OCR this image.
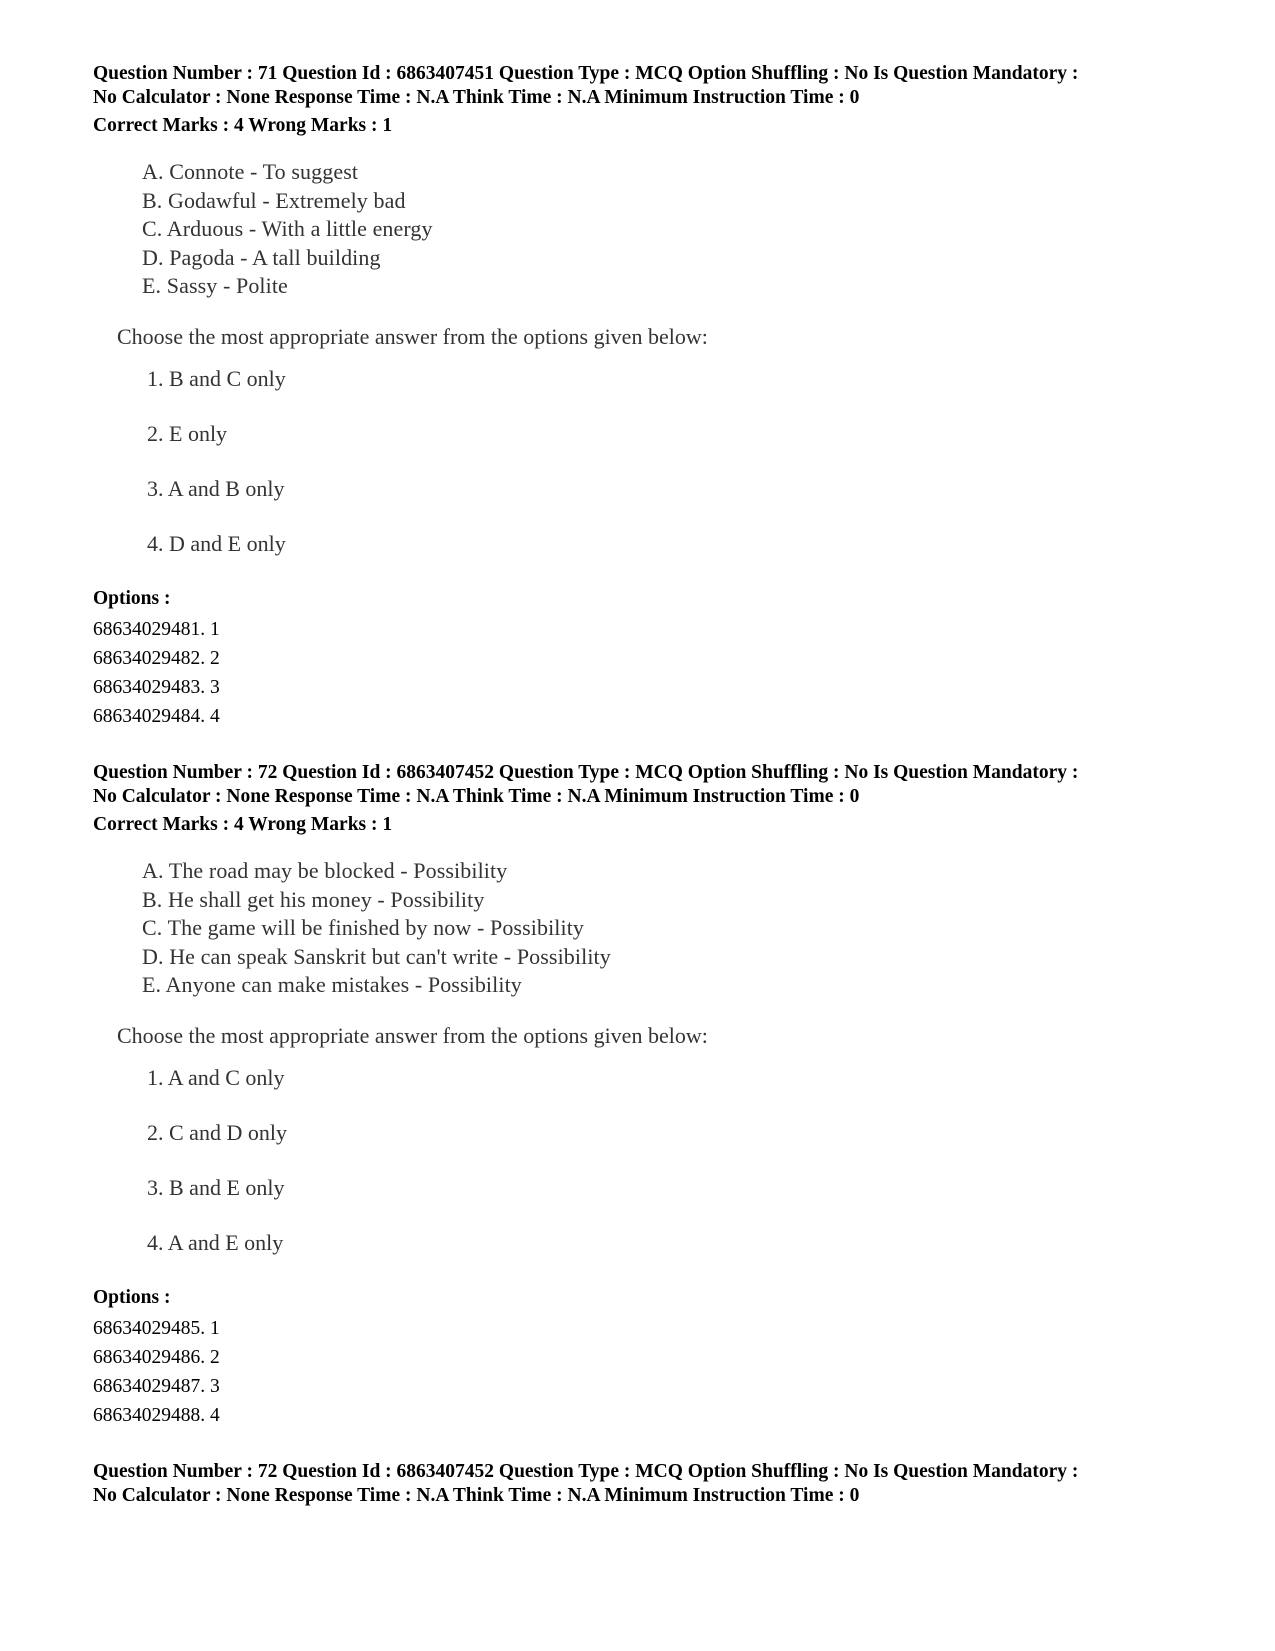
Question Number : 71 Question Id : 6863407451 Question Type : MCQ Option Shuffling : No Is Question Mandatory :

No Calculator : None Response Time : N.A Think Time : N.A Minimum Instruction Time : 0

Correct Marks : 4 Wrong Marks : 1

A. Connote - To suggest
B. Godawful - Extremely bad
C. Arduous - With a little energy
D. Pagoda - A tall building
E. Sassy - Polite

Choose the most appropriate answer from the options given below:

1. B and C only
2. E only
3. A and B only
4. D and E only

Options :

68634029481. 1
68634029482. 2
68634029483. 3
68634029484. 4

Question Number : 72 Question Id : 6863407452 Question Type : MCQ Option Shuffling : No Is Question Mandatory :

No Calculator : None Response Time : N.A Think Time : N.A Minimum Instruction Time : 0

Correct Marks : 4 Wrong Marks : 1

A. The road may be blocked - Possibility
B. He shall get his money - Possibility
C. The game will be finished by now - Possibility
D. He can speak Sanskrit but can't write - Possibility
E. Anyone can make mistakes - Possibility

Choose the most appropriate answer from the options given below:

1. A and C only
2. C and D only
3. B and E only
4. A and E only

Options :

68634029485. 1
68634029486. 2
68634029487. 3
68634029488. 4

Question Number : 72 Question Id : 6863407452 Question Type : MCQ Option Shuffling : No Is Question Mandatory :

No Calculator : None Response Time : N.A Think Time : N.A Minimum Instruction Time : 0
